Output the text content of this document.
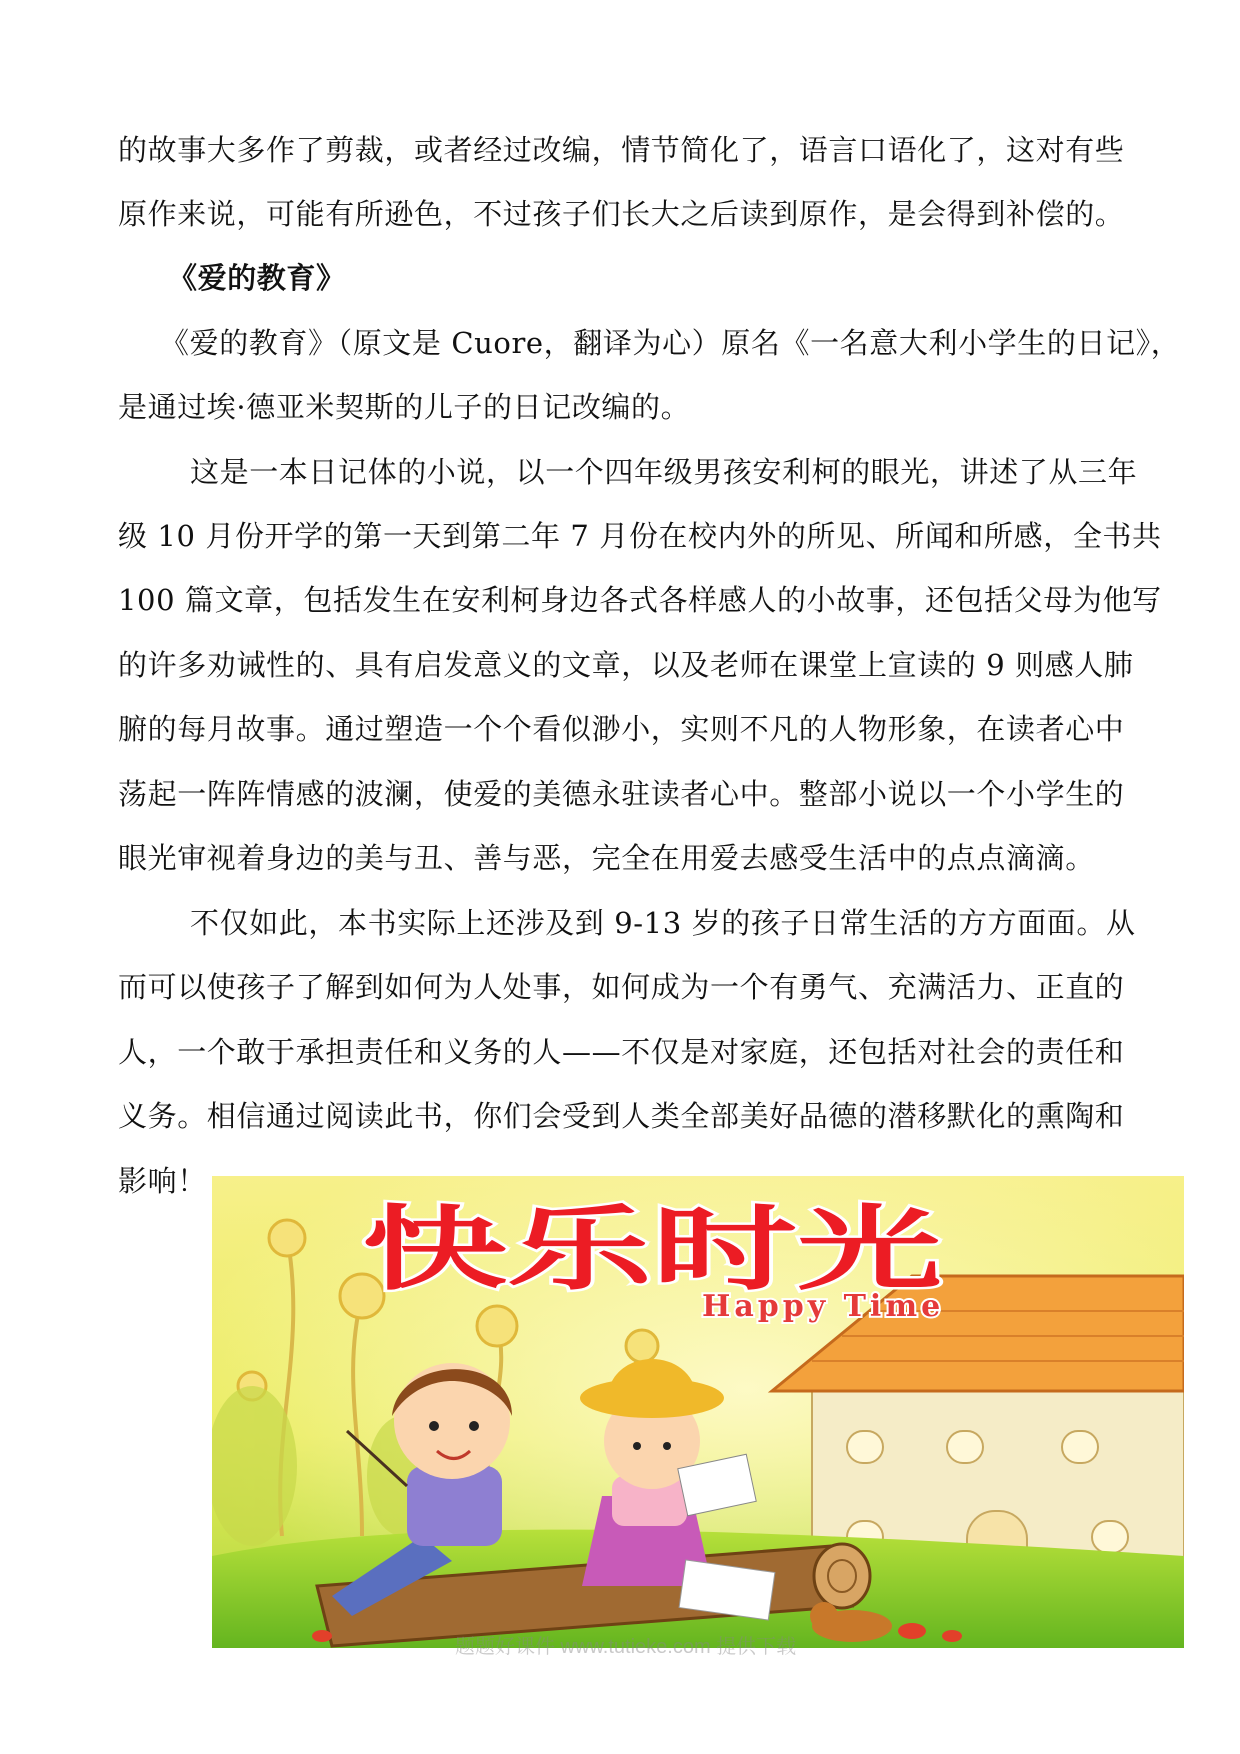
的故事大多作了剪裁，或者经过改编，情节简化了，语言口语化了，这对有些
原作来说，可能有所逊色，不过孩子们长大之后读到原作，是会得到补偿的。
《爱的教育》
《爱的教育》（原文是 Cuore，翻译为心）原名《一名意大利小学生的日记》，
是通过埃·德亚米契斯的儿子的日记改编的。
这是一本日记体的小说，以一个四年级男孩安利柯的眼光，讲述了从三年
级 10 月份开学的第一天到第二年 7 月份在校内外的所见、所闻和所感，全书共
100 篇文章，包括发生在安利柯身边各式各样感人的小故事，还包括父母为他写
的许多劝诫性的、具有启发意义的文章，以及老师在课堂上宣读的 9 则感人肺
腑的每月故事。通过塑造一个个看似渺小，实则不凡的人物形象，在读者心中
荡起一阵阵情感的波澜，使爱的美德永驻读者心中。整部小说以一个小学生的
眼光审视着身边的美与丑、善与恶，完全在用爱去感受生活中的点点滴滴。
不仅如此，本书实际上还涉及到 9-13 岁的孩子日常生活的方方面面。从
而可以使孩子了解到如何为人处事，如何成为一个有勇气、充满活力、正直的
人，一个敢于承担责任和义务的人——不仅是对家庭，还包括对社会的责任和
义务。相信通过阅读此书，你们会受到人类全部美好品德的潜移默化的熏陶和
影响！
快乐时光
Happy Time
题题好课件 www.tutieke.com 提供下载
